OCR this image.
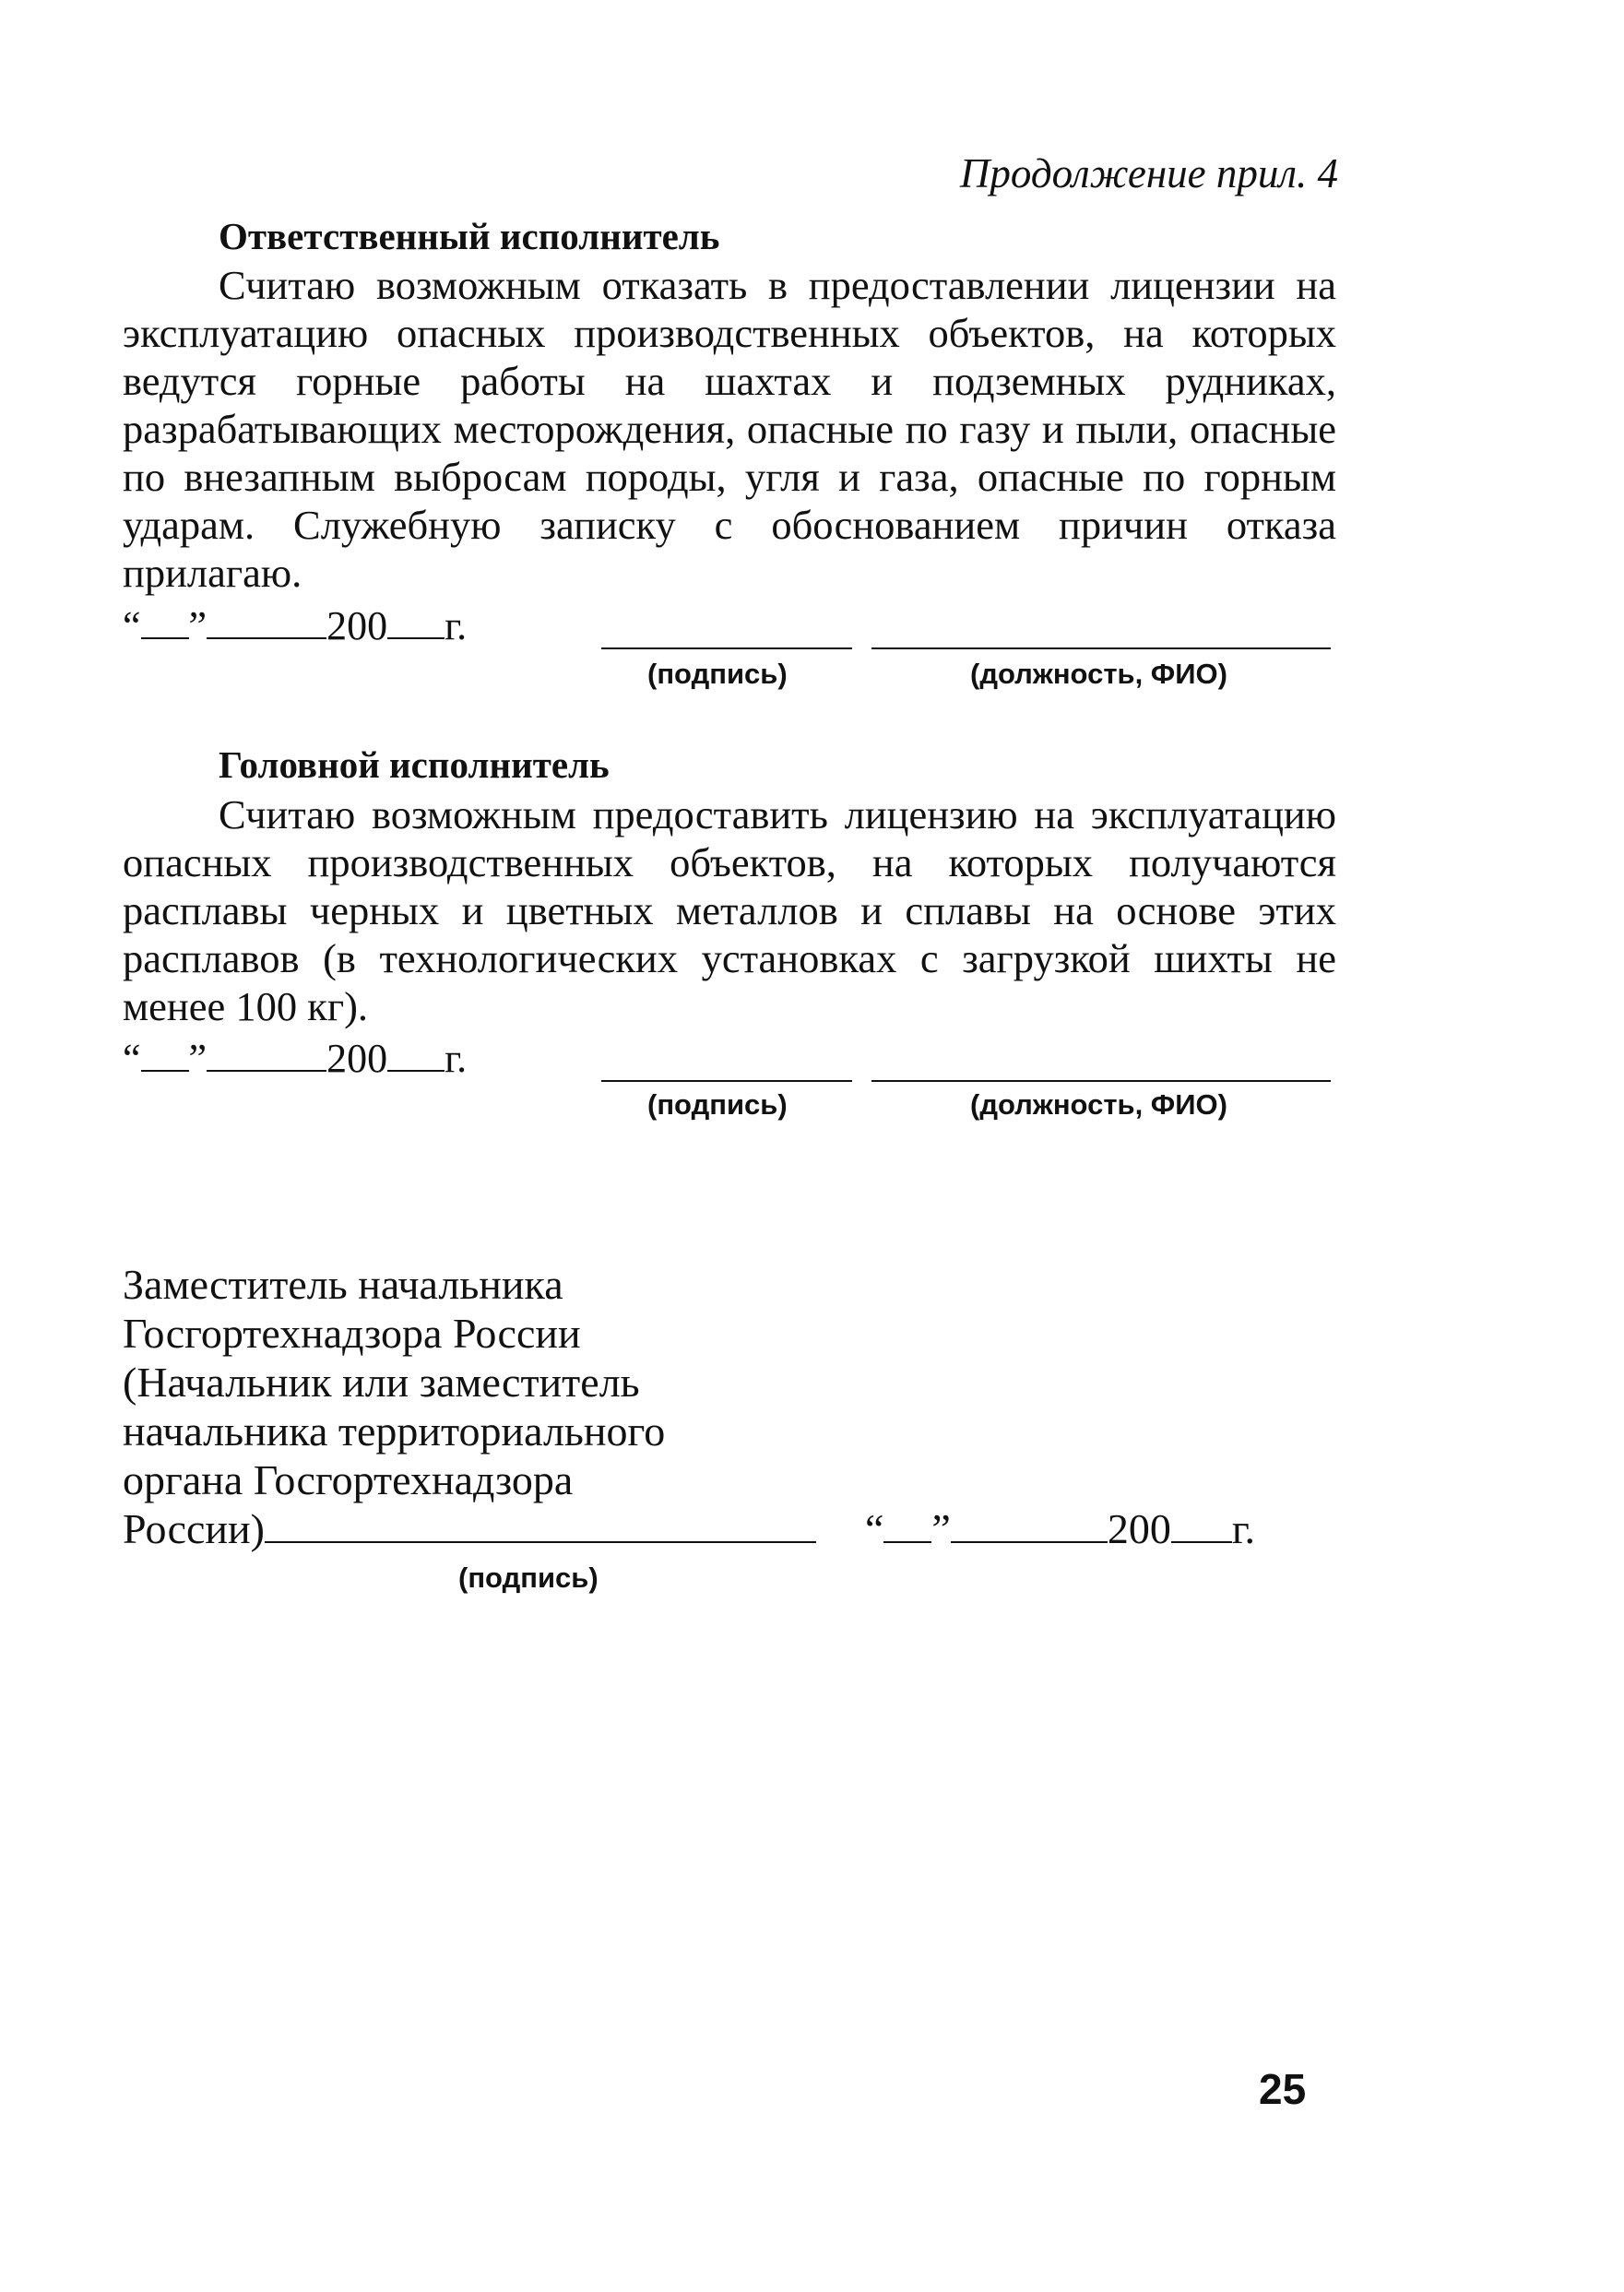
Продолжение прил. 4
Ответственный исполнитель
Считаю возможным отказать в предоставлении лицензии на эксплуатацию опасных производственных объектов, на которых ведутся горные работы на шахтах и подземных рудниках, разрабатывающих месторождения, опасные по газу и пыли, опасные по внезапным выбросам породы, угля и газа, опасные по горным ударам. Служебную записку с обоснованием причин отказа прилагаю.
“ ”	200 г.
(подпись)	(должность, ФИО)
Головной исполнитель
Считаю возможным предоставить лицензию на эксплуатацию опасных производственных объектов, на которых получаются расплавы черных и цветных металлов и сплавы на основе этих расплавов (в технологических установках с загрузкой шихты не менее 100 кг).
“ ”	200 г.
(подпись)	(должность, ФИО)
Заместитель начальника
Госгортехнадзора России
(Начальник или заместитель
начальника территориального
органа Госгортехнадзора
России)	“ ”	200 г.
(подпись)
25
